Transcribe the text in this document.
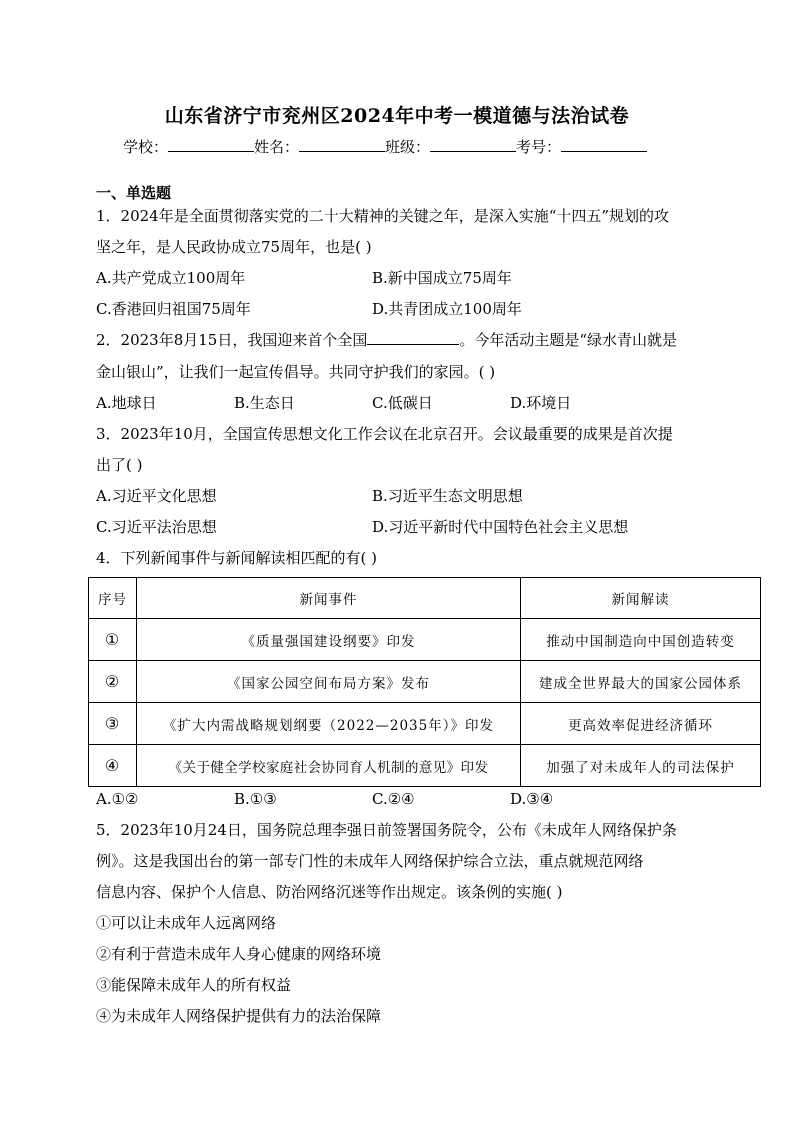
山东省济宁市兖州区2024年中考一模道德与法治试卷
学校：	姓名：	班级：	考号：
一、单选题
1．2024年是全面贯彻落实党的二十大精神的关键之年，是深入实施“十四五”规划的攻
坚之年，是人民政协成立75周年，也是( )
A.共产党成立100周年	B.新中国成立75周年
C.香港回归祖国75周年	D.共青团成立100周年
2．2023年8月15日，我国迎来首个全国	。今年活动主题是“绿水青山就是
金山银山”，让我们一起宣传倡导。共同守护我们的家园。( )
A.地球日	B.生态日	C.低碳日	D.环境日
3．2023年10月，全国宣传思想文化工作会议在北京召开。会议最重要的成果是首次提
出了( )
A.习近平文化思想	B.习近平生态文明思想
C.习近平法治思想	D.习近平新时代中国特色社会主义思想
4．下列新闻事件与新闻解读相匹配的有( )
序号	新闻事件	新闻解读
①	《质量强国建设纲要》印发	推动中国制造向中国创造转变
②	《国家公园空间布局方案》发布	建成全世界最大的国家公园体系
③	《扩大内需战略规划纲要（2022—2035年）》印发	更高效率促进经济循环
④	《关于健全学校家庭社会协同育人机制的意见》印发	加强了对未成年人的司法保护
A.①②	B.①③	C.②④	D.③④
5．2023年10月24日，国务院总理李强日前签署国务院令，公布《未成年人网络保护条
例》。这是我国出台的第一部专门性的未成年人网络保护综合立法，重点就规范网络
信息内容、保护个人信息、防治网络沉迷等作出规定。该条例的实施( )
①可以让未成年人远离网络
②有利于营造未成年人身心健康的网络环境
③能保障未成年人的所有权益
④为未成年人网络保护提供有力的法治保障
